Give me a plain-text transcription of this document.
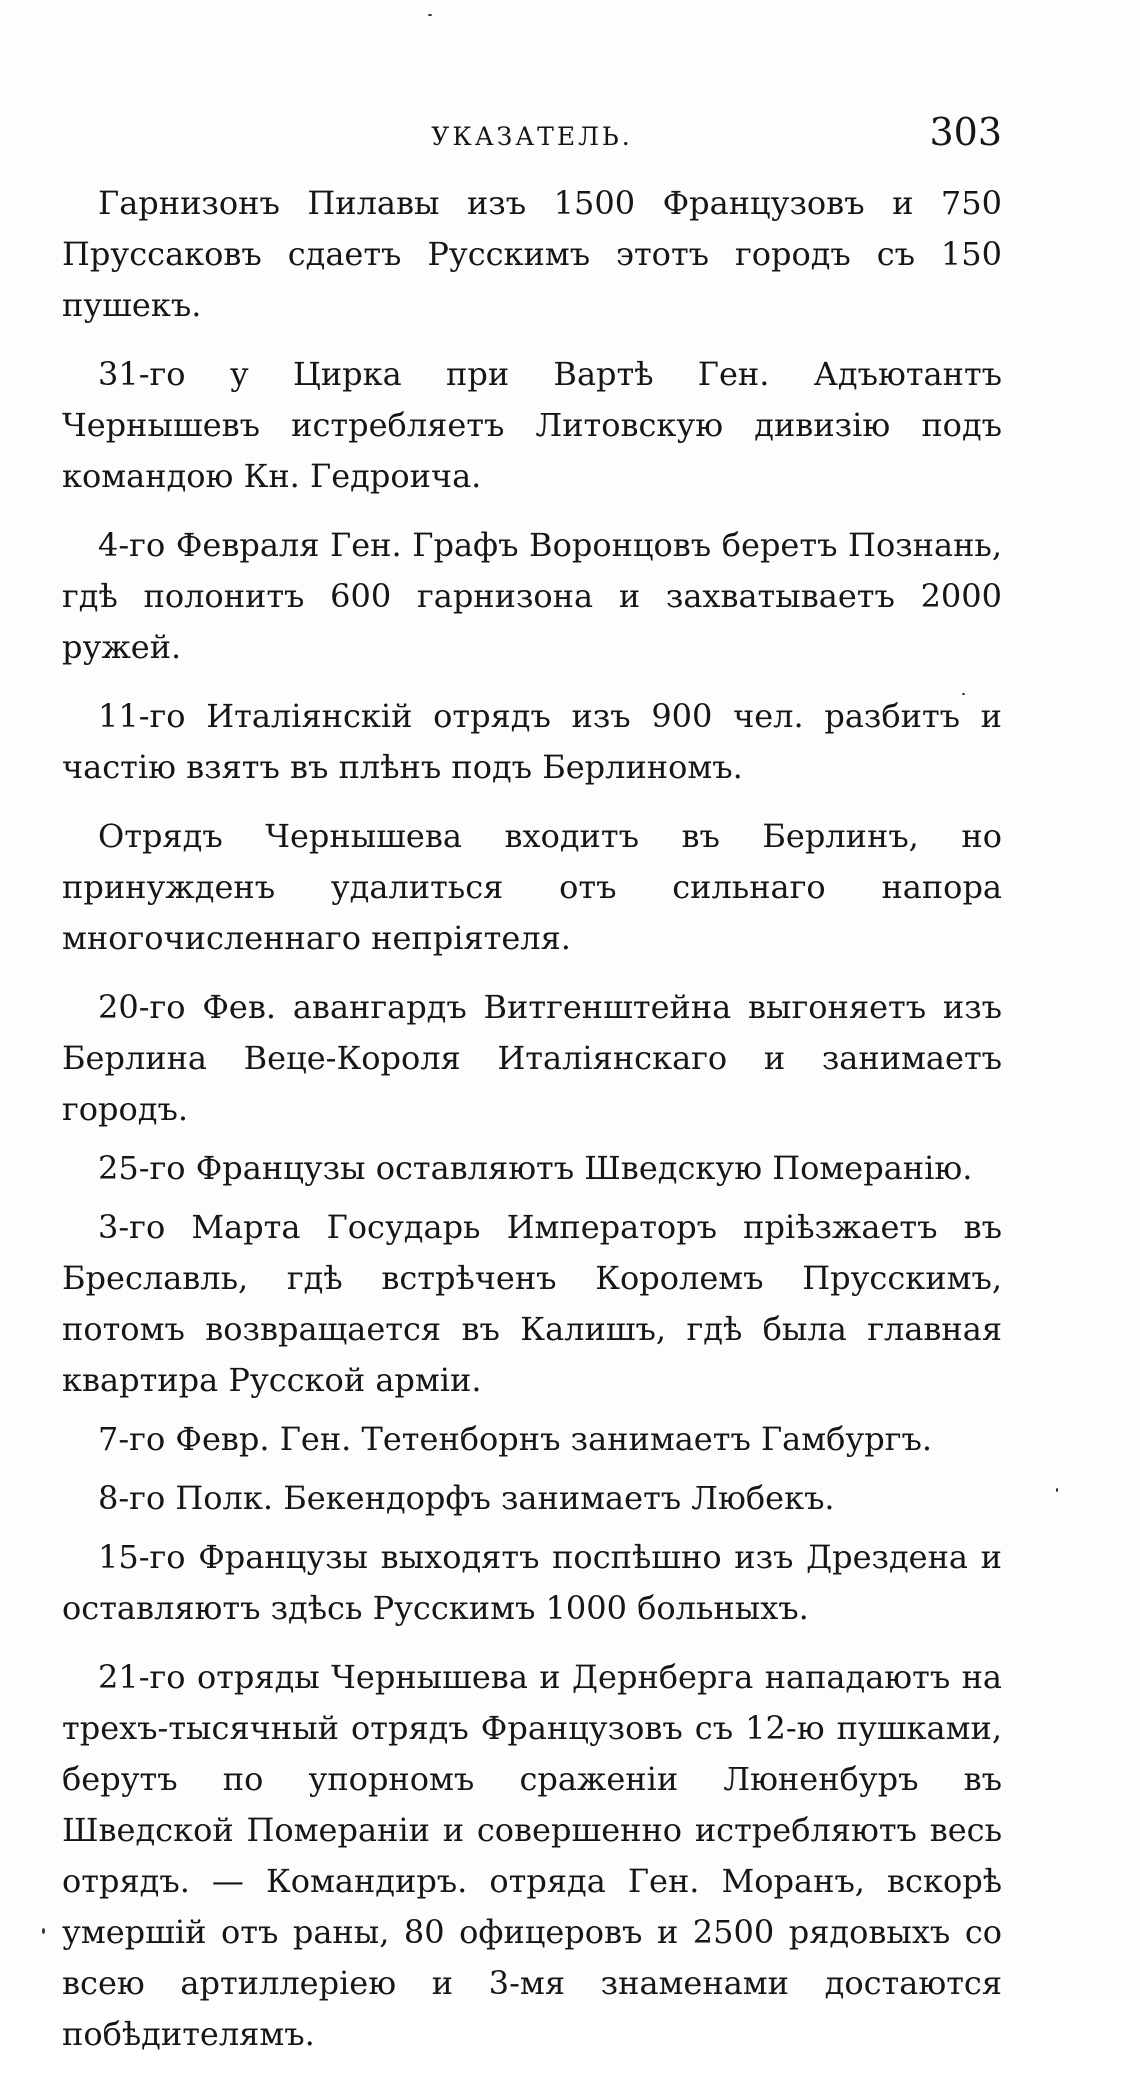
УКАЗАТЕЛЬ.	303

Гарнизонъ Пилавы изъ 1500 Французовъ и 750 Пруссаковъ сдаетъ Русскимъ этотъ городъ съ 150 пушекъ.

31-го у Цирка при Вартѣ Ген. Адъютантъ Чернышевъ истребляетъ Литовскую дивизію подъ командою Кн. Гедроича.

4-го Февраля Ген. Графъ Воронцовъ беретъ Познань, гдѣ полонитъ 600 гарнизона и захватываетъ 2000 ружей.

11-го Италіянскій отрядъ изъ 900 чел. разбитъ и частію взятъ въ плѣнъ подъ Берлиномъ.

Отрядъ Чернышева входитъ въ Берлинъ, но принужденъ удалиться отъ сильнаго напора многочисленнаго непріятеля.

20-го Фев. авангардъ Витгенштейна выгоняетъ изъ Берлина Веце-Короля Италіянскаго и занимаетъ городъ.

25-го Французы оставляютъ Шведскую Померанію.

3-го Марта Государь Императоръ пріѣзжаетъ въ Бреславль, гдѣ встрѣченъ Королемъ Прусскимъ, потомъ возвращается въ Калишъ, гдѣ была главная квартира Русской арміи.

7-го Февр. Ген. Тетенборнъ занимаетъ Гамбургъ.

8-го Полк. Бекендорфъ занимаетъ Любекъ.

15-го Французы выходятъ поспѣшно изъ Дрездена и оставляютъ здѣсь Русскимъ 1000 больныхъ.

21-го отряды Чернышева и Дернберга нападаютъ на трехъ-тысячный отрядъ Французовъ съ 12-ю пушками, берутъ по упорномъ сраженіи Люненбуръ въ Шведской Помераніи и совершенно истребляютъ весь отрядъ. — Командиръ. отряда Ген. Моранъ, вскорѣ умершій отъ раны, 80 офицеровъ и 2500 рядовыхъ со всею артиллеріею и 3-мя знаменами достаются побѣдителямъ.
